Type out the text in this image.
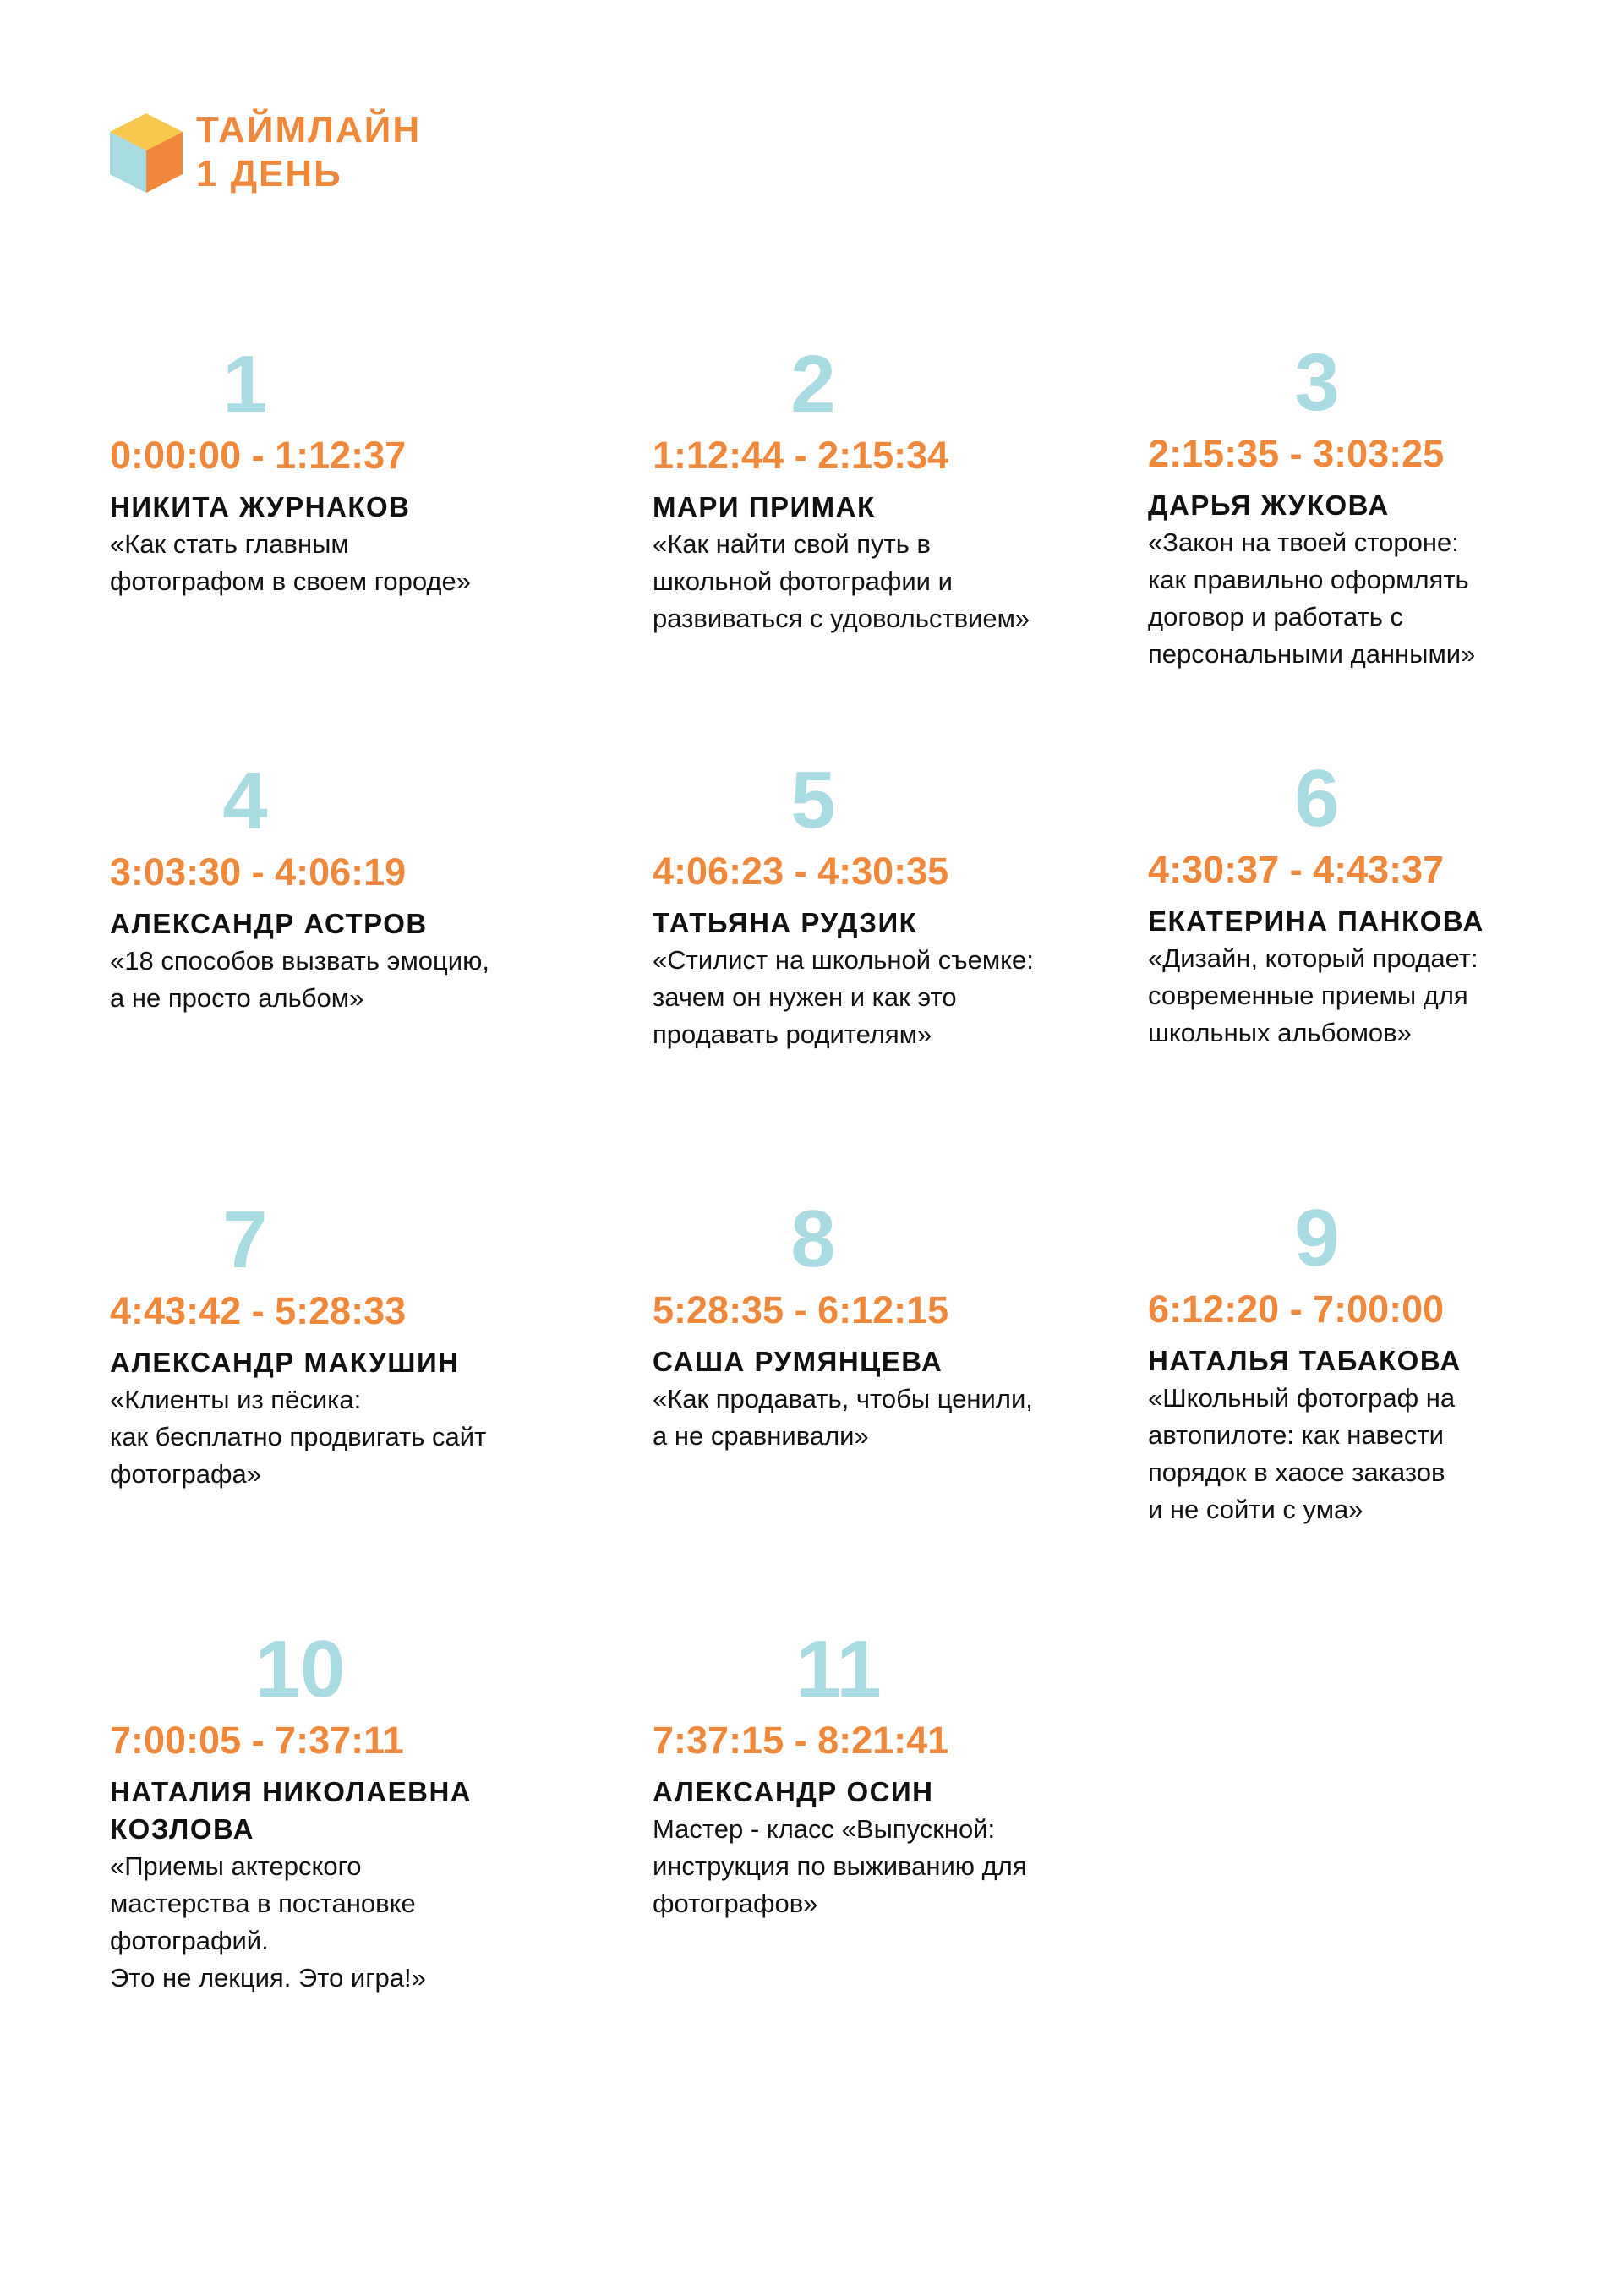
ТАЙМЛАЙН
1 ДЕНЬ
1
0:00:00 - 1:12:37
НИКИТА ЖУРНАКОВ
«Как стать главным
фотографом в своем городе»
2
1:12:44 - 2:15:34
МАРИ ПРИМАК
«Как найти свой путь в
школьной фотографии и
развиваться с удовольствием»
3
2:15:35 - 3:03:25
ДАРЬЯ ЖУКОВА
«Закон на твоей стороне:
как правильно оформлять
договор и работать с
персональными данными»
4
3:03:30 - 4:06:19
АЛЕКСАНДР АСТРОВ
«18 способов вызвать эмоцию,
а не просто альбом»
5
4:06:23 - 4:30:35
ТАТЬЯНА РУДЗИК
«Стилист на школьной съемке:
зачем он нужен и как это
продавать родителям»
6
4:30:37 - 4:43:37
ЕКАТЕРИНА ПАНКОВА
«Дизайн, который продает:
современные приемы для
школьных альбомов»
7
4:43:42 - 5:28:33
АЛЕКСАНДР МАКУШИН
«Клиенты из пёсика:
как бесплатно продвигать сайт
фотографа»
8
5:28:35 - 6:12:15
САША РУМЯНЦЕВА
«Как продавать, чтобы ценили,
а не сравнивали»
9
6:12:20 - 7:00:00
НАТАЛЬЯ ТАБАКОВА
«Школьный фотограф на
автопилоте: как навести
порядок в хаосе заказов
и не сойти с ума»
10
7:00:05 - 7:37:11
НАТАЛИЯ НИКОЛАЕВНА
КОЗЛОВА
«Приемы актерского
мастерства в постановке
фотографий.
Это не лекция. Это игра!»
11
7:37:15 - 8:21:41
АЛЕКСАНДР ОСИН
Мастер - класс «Выпускной:
инструкция по выживанию для
фотографов»
